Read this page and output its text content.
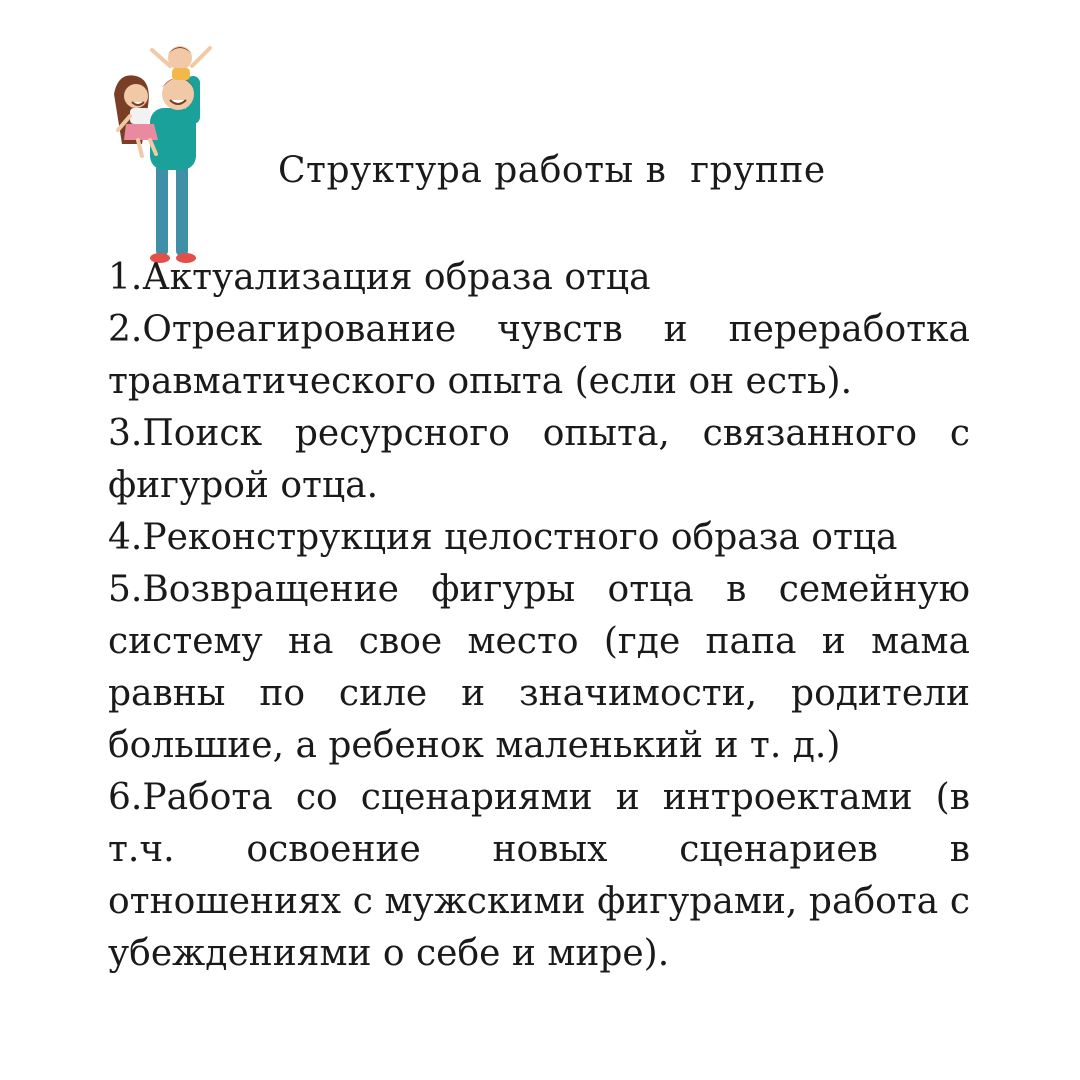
Структура работы в  группе
1.Актуализация образа отца
2.Отреагирование чувств и переработка травматического опыта (если он есть).
3.Поиск ресурсного опыта, связанного с фигурой отца.
4.Реконструкция целостного образа отца
5.Возвращение фигуры отца в семейную систему на свое место (где папа и мама равны по силе и значимости, родители большие, а ребенок маленький и т. д.)
6.Работа со сценариями и интроектами (в т.ч. освоение новых сценариев в отношениях с мужскими фигурами, работа с убеждениями о себе и мире).
